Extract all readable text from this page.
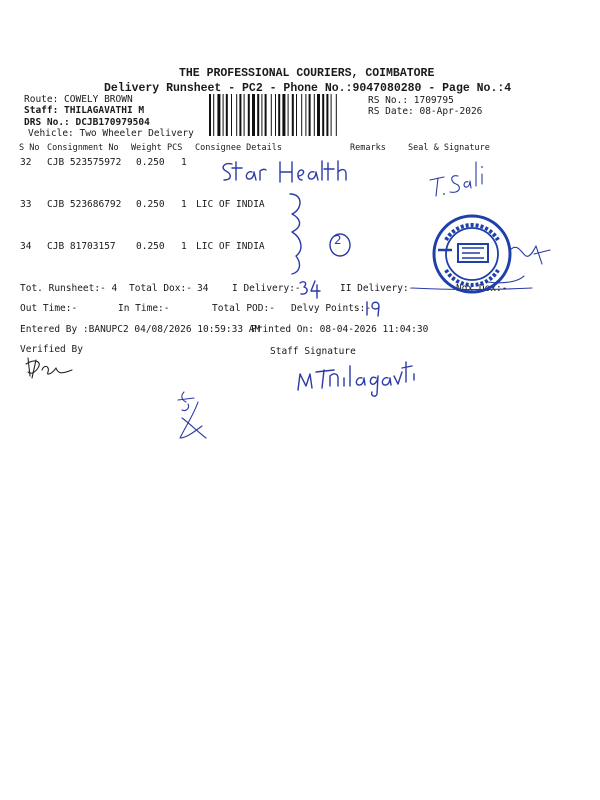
THE PROFESSIONAL COURIERS, COIMBATORE
Delivery Runsheet - PC2 - Phone No.:9047080280 - Page No.:4
Route: COWELY BROWN
Staff: THILAGAVATHI M
DRS No.: DCJB170979504
Vehicle: Two Wheeler Delivery
RS No.: 1709795
RS Date: 08-Apr-2026
S No Consignment No Weight PCS Consignee Details	Remarks	Seal & Signature
32 CJB 523575972 0.250 1
33 CJB 523686792 0.250 1 LIC OF INDIA
34 CJB 81703157 0.250 1 LIC OF INDIA
Tot. Runsheet:- 4 Total Dox:- 34 I Delivery:-	II Delivery:-	Ndx Dox:-
Out Time:-	In Time:-	Total POD:- Delvy Points:-
Entered By :BANUPC2 04/08/2026 10:59:33 AM
Printed On: 08-04-2026 11:04:30
Verified By	Staff Signature
2
